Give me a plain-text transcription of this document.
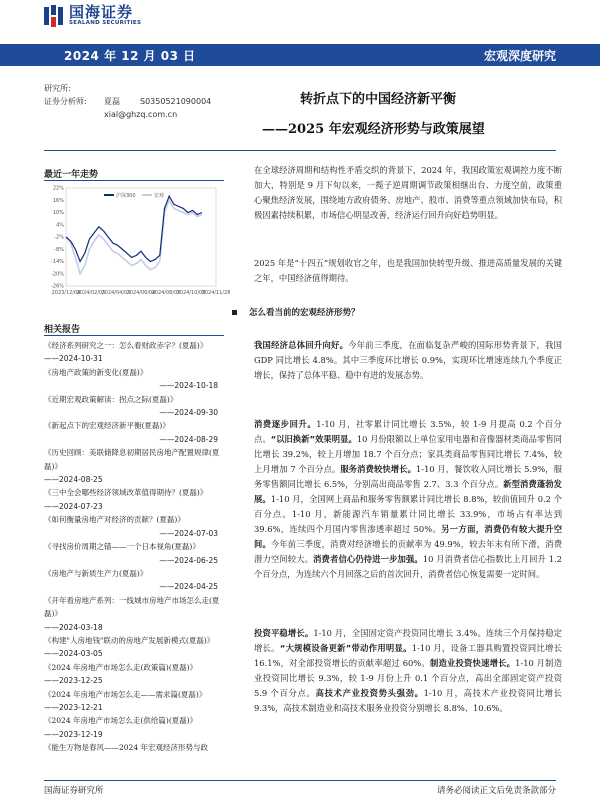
国海证券
SEALAND SECURITIES
2024 年 12 月 03 日	宏观深度研究
研究所:
证券分析师:	夏磊	S0350521090004
xial@ghzq.com.cn
转折点下的中国经济新平衡
——2025 年宏观经济形势与政策展望
最近一年走势
22%
16%
10%
4%
-2%
-8%
-14%
-20%
-26%
2023/12/04
2024/02/05
2024/04/03
2024/06/04
2024/08/05
2024/10/08
2024/11/28
沪深300	宏观
相关报告
《经济系列研究之一：怎么看财政赤字？(夏磊)》
——2024-10-31
《房地产政策的新变化(夏磊)》
——2024-10-18
《近期宏观政策解读：拐点之际(夏磊)》
——2024-09-30
《新起点下的宏观经济新平衡(夏磊)》
——2024-08-29
《历史回顾：美联储降息初期居民房地产配置规律(夏磊)》
——2024-08-25
《三中全会哪些经济领域改革值得期待？(夏磊)》
——2024-07-23
《如何衡量房地产对经济的贡献？(夏磊)》
——2024-07-03
《寻找房价周期之锚——一个日本视角(夏磊)》
——2024-06-25
《房地产与新质生产力(夏磊)》
——2024-04-25
《开年看房地产系列：一线城市房地产市场怎么走(夏磊)》
——2024-03-18
《构建"人房地钱"联动的房地产发展新模式(夏磊)》
——2024-03-05
《2024 年房地产市场怎么走(政策篇)(夏磊)》
——2023-12-25
《2024 年房地产市场怎么走——需求篇(夏磊)》
——2023-12-21
《2024 年房地产市场怎么走(供给篇)(夏磊)》
——2023-12-19
《能生万物是春风——2024 年宏观经济形势与政
在全球经济周期和结构性矛盾交织的背景下，2024 年，我国政策宏观调控力度不断加大，特别是 9 月下旬以来，一揽子逆周期调节政策相继出台、力度空前，政策重心聚焦经济发展，围绕地方政府债务、房地产、股市、消费等重点领域加快布局，积极因素持续积累，市场信心明显改善，经济运行回升向好趋势明显。
2025 年是“十四五”规划收官之年，也是我国加快转型升级、推进高质量发展的关键之年，中国经济值得期待。
怎么看当前的宏观经济形势？
我国经济总体回升向好。今年前三季度，在面临复杂严峻的国际形势背景下，我国 GDP 同比增长 4.8%。其中三季度环比增长 0.9%，实现环比增速连续九个季度正增长，保持了总体平稳、稳中有进的发展态势。
消费逐步回升。1-10 月，社零累计同比增长 3.5%，较 1-9 月提高 0.2 个百分点。“以旧换新”效果明显。10 月份限额以上单位家用电器和音像器材类商品零售同比增长 39.2%，较上月增加 18.7 个百分点；家具类商品零售同比增长 7.4%，较上月增加 7 个百分点。服务消费较快增长。1-10 月，餐饮收入同比增长 5.9%，服务零售额同比增长 6.5%，分别高出商品零售 2.7、3.3 个百分点。新型消费蓬勃发展。1-10 月，全国网上商品和服务零售额累计同比增长 8.8%，较前值回升 0.2 个百分点。1-10 月，新能源汽车销量累计同比增长 33.9%，市场占有率达到 39.6%，连续四个月国内零售渗透率超过 50%。另一方面，消费仍有较大提升空间。今年前三季度，消费对经济增长的贡献率为 49.9%，较去年末有所下滑，消费潜力空间较大。消费者信心仍待进一步加强。10 月消费者信心指数比上月回升 1.2 个百分点，为连续六个月回落之后的首次回升，消费者信心恢复需要一定时间。
投资平稳增长。1-10 月，全国固定资产投资同比增长 3.4%。连续三个月保持稳定增长。“大规模设备更新”带动作用明显。1-10 月，设备工器具购置投资同比增长 16.1%，对全部投资增长的贡献率超过 60%。制造业投资快速增长。1-10 月制造业投资同比增长 9.3%，较 1-9 月份上升 0.1 个百分点，高出全部固定资产投资 5.9 个百分点。高技术产业投资势头强劲。1-10 月，高技术产业投资同比增长 9.3%，高技术制造业和高技术服务业投资分别增长 8.8%、10.6%。
国海证券研究所	请务必阅读正文后免责条款部分
